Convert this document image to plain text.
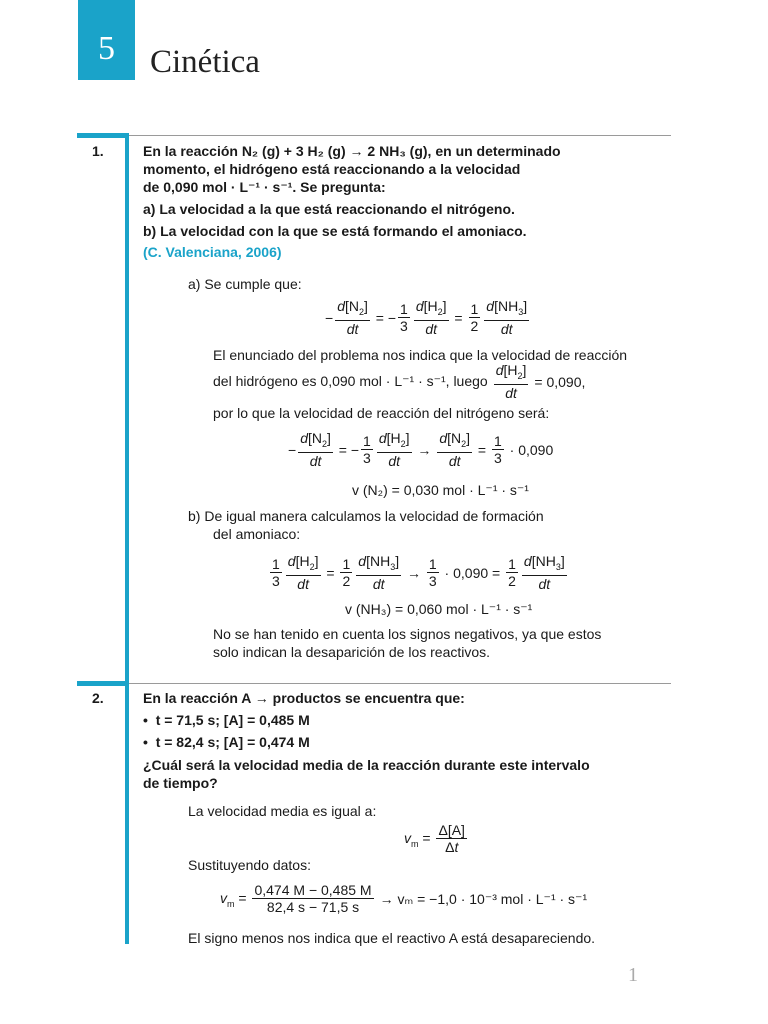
5	Cinética
1.	En la reacción N₂ (g) + 3 H₂ (g) → 2 NH₃ (g), en un determinado
momento, el hidrógeno está reaccionando a la velocidad
de 0,090 mol · L⁻¹ · s⁻¹. Se pregunta:
a) La velocidad a la que está reaccionando el nitrógeno.
b) La velocidad con la que se está formando el amoniaco.
(C. Valenciana, 2006)
a) Se cumple que:
− $\frac{d[N_2]}{dt}$ = − $\frac{1}{3} \frac{d[H_2]}{dt} = \frac{1}{2} \frac{d[NH_3]}{dt}$
El enunciado del problema nos indica que la velocidad de reacción
del hidrógeno es 0,090 mol · L⁻¹ · s⁻¹, luego $\frac{d[H_2]}{dt} = 0,090$,
por lo que la velocidad de reacción del nitrógeno será:
− $\frac{d[N_2]}{dt}$ = − $\frac{1}{3} \frac{d[H_2]}{dt} \to \frac{d[N_2]}{dt} = \frac{1}{3} \cdot 0,090$
v (N₂) = 0,030 mol · L⁻¹ · s⁻¹
b) De igual manera calculamos la velocidad de formación
del amoniaco:
$\frac{1}{3} \frac{d[H_2]}{dt} = \frac{1}{2} \frac{d[NH_3]}{dt} \to \frac{1}{3} \cdot 0,090 = \frac{1}{2} \frac{d[NH_3]}{dt}$
v (NH₃) = 0,060 mol · L⁻¹ · s⁻¹
No se han tenido en cuenta los signos negativos, ya que estos
solo indican la desaparición de los reactivos.
2.	En la reacción A → productos se encuentra que:
•  t = 71,5 s; [A] = 0,485 M
•  t = 82,4 s; [A] = 0,474 M
¿Cuál será la velocidad media de la reacción durante este intervalo
de tiempo?
La velocidad media es igual a:
$v_m = \frac{\Delta[A]}{\Delta t}$
Sustituyendo datos:
$v_m = \frac{0,474 M - 0,485 M}{82,4 s - 71,5 s} \to v_m = -1,0 \cdot 10^{-3}$ mol · L⁻¹ · s⁻¹
El signo menos nos indica que el reactivo A está desapareciendo.
1
